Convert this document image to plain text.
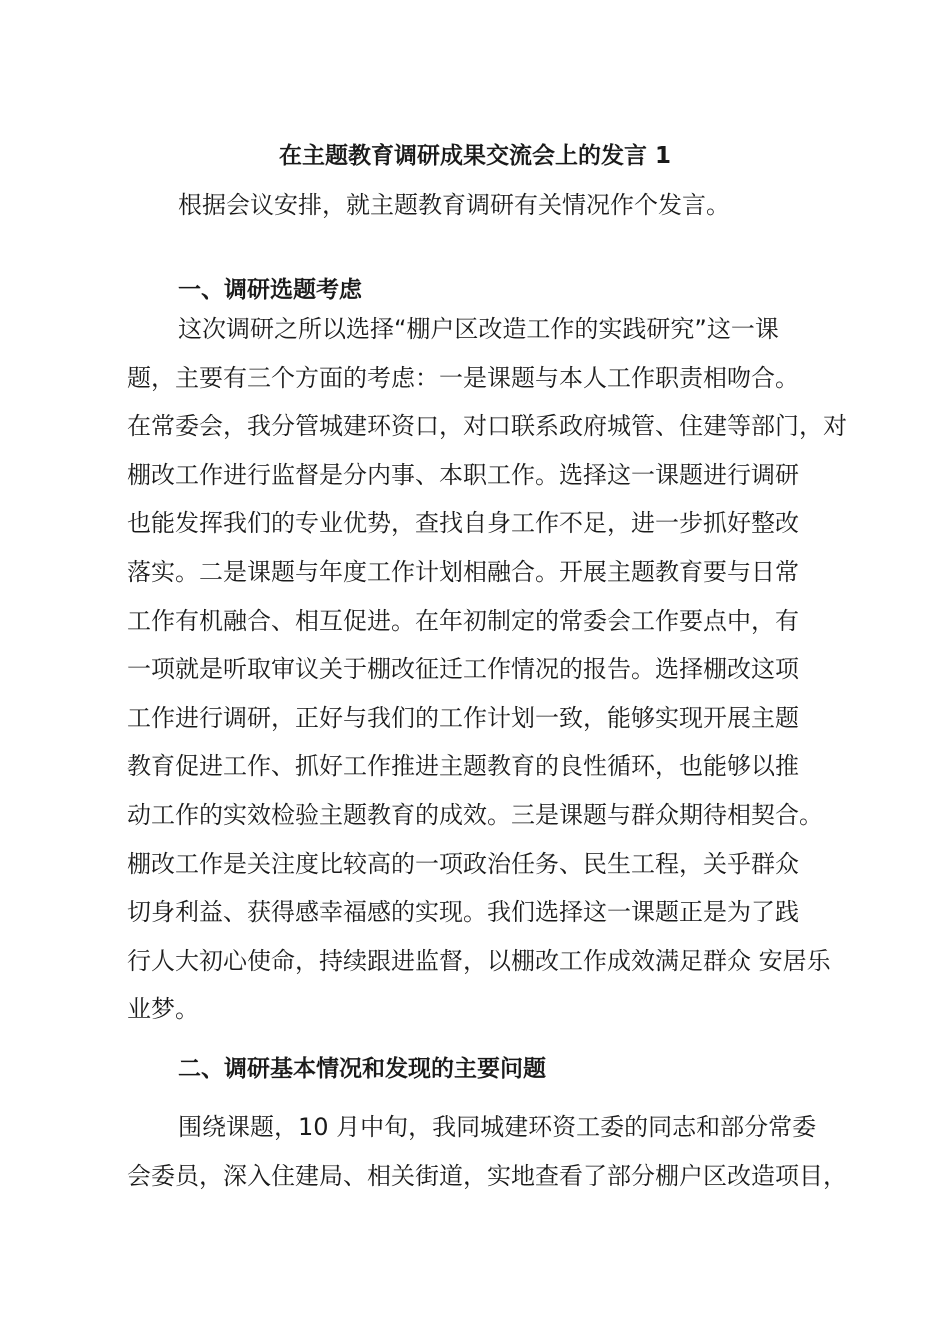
在主题教育调研成果交流会上的发言 1
根据会议安排，就主题教育调研有关情况作个发言。
一、调研选题考虑
这次调研之所以选择“棚户区改造工作的实践研究”这一课
题，主要有三个方面的考虑：一是课题与本人工作职责相吻合。
在常委会，我分管城建环资口，对口联系政府城管、住建等部门，对
棚改工作进行监督是分内事、本职工作。选择这一课题进行调研
也能发挥我们的专业优势，查找自身工作不足，进一步抓好整改
落实。二是课题与年度工作计划相融合。开展主题教育要与日常
工作有机融合、相互促进。在年初制定的常委会工作要点中，有
一项就是听取审议关于棚改征迁工作情况的报告。选择棚改这项
工作进行调研，正好与我们的工作计划一致，能够实现开展主题
教育促进工作、抓好工作推进主题教育的良性循环，也能够以推
动工作的实效检验主题教育的成效。三是课题与群众期待相契合。
棚改工作是关注度比较高的一项政治任务、民生工程，关乎群众
切身利益、获得感幸福感的实现。我们选择这一课题正是为了践
行人大初心使命，持续跟进监督，以棚改工作成效满足群众 安居乐
业梦。
二、调研基本情况和发现的主要问题
围绕课题，10 月中旬，我同城建环资工委的同志和部分常委
会委员，深入住建局、相关街道，实地查看了部分棚户区改造项目，
